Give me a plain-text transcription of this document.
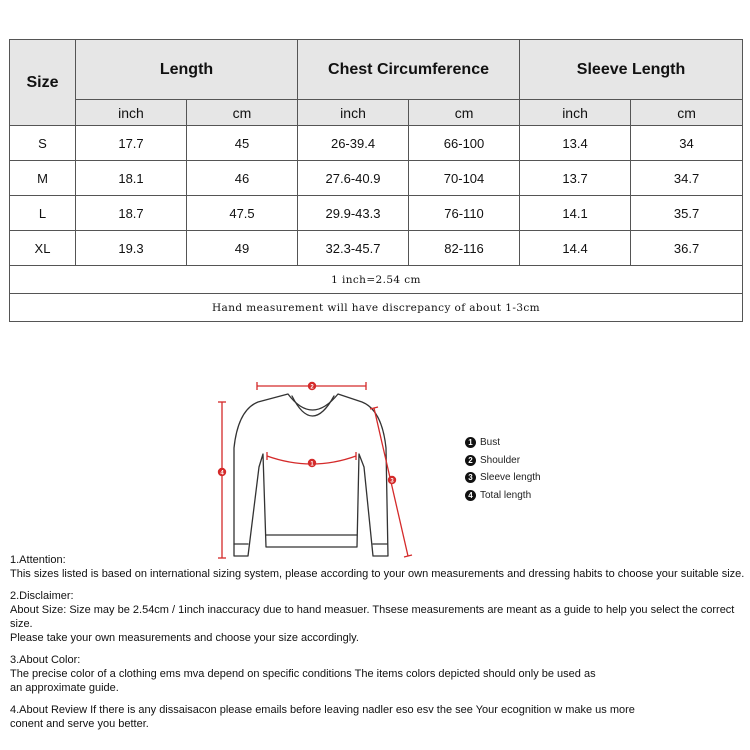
Size	Length		Chest Circumference		Sleeve Length	
	inch	cm	inch	cm	inch	cm
S	17.7	45	26-39.4	66-100	13.4	34
M	18.1	46	27.6-40.9	70-104	13.7	34.7
L	18.7	47.5	29.9-43.3	76-110	14.1	35.7
XL	19.3	49	32.3-45.7	82-116	14.4	36.7
1 inch=2.54 cm						
Hand measurement will have discrepancy of about 1-3cm						
2
1
4
3
1 Bust
2 Shoulder
3 Sleeve length
4 Total length

1.Attention:

This sizes listed is based on international sizing system, please according to your own measurements and dressing habits to choose your suitable size.

2.Disclaimer:

About Size: Size may be 2.54cm / 1inch inaccuracy due to hand measuer. Thsese measurements are meant as a guide to help you select the correct size.

Please take your own measurements and choose your size accordingly.

3.About Color:

The precise color of a clothing ems mva depend on specific conditions The items colors depicted should only be used as

an approximate guide.

4.About Review If there is any dissaisacon please emails before leaving nadler eso esv the see Your ecognition w make us more

conent and serve you better.
